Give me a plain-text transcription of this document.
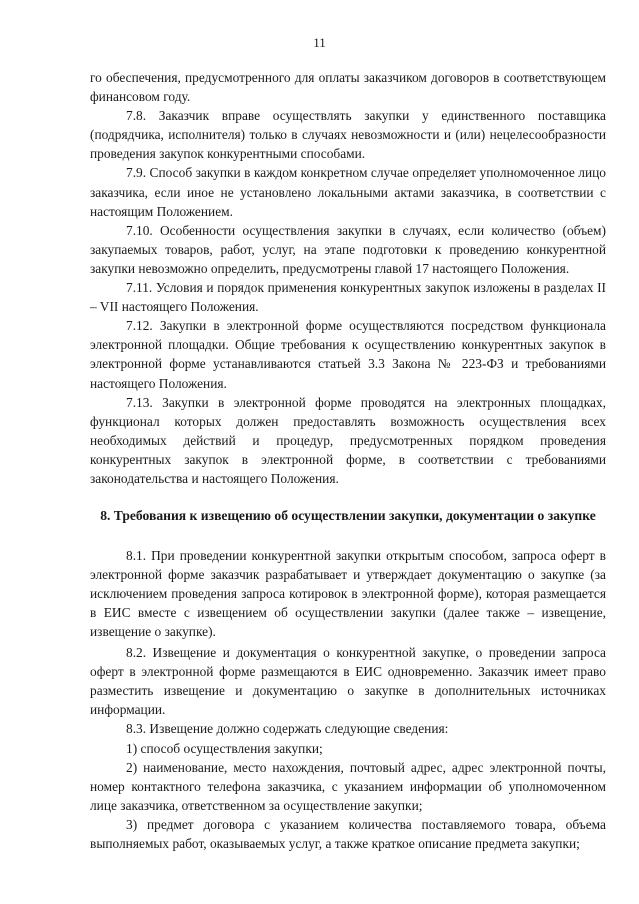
11

го обеспечения, предусмотренного для оплаты заказчиком договоров в соответствующем финансовом году.

7.8. Заказчик вправе осуществлять закупки у единственного поставщика (подрядчика, исполнителя) только в случаях невозможности и (или) нецелесообразности проведения закупок конкурентными способами.

7.9. Способ закупки в каждом конкретном случае определяет уполномоченное лицо заказчика, если иное не установлено локальными актами заказчика, в соответствии с настоящим Положением.

7.10. Особенности осуществления закупки в случаях, если количество (объем) закупаемых товаров, работ, услуг, на этапе подготовки к проведению конкурентной закупки невозможно определить, предусмотрены главой 17 настоящего Положения.

7.11. Условия и порядок применения конкурентных закупок изложены в разделах II – VII настоящего Положения.

7.12. Закупки в электронной форме осуществляются посредством функционала электронной площадки. Общие требования к осуществлению конкурентных закупок в электронной форме устанавливаются статьей 3.3 Закона № 223-ФЗ и требованиями настоящего Положения.

7.13. Закупки в электронной форме проводятся на электронных площадках, функционал которых должен предоставлять возможность осуществления всех необходимых действий и процедур, предусмотренных порядком проведения конкурентных закупок в электронной форме, в соответствии с требованиями законодательства и настоящего Положения.

8. Требования к извещению об осуществлении закупки, документации о закупке

8.1. При проведении конкурентной закупки открытым способом, запроса оферт в электронной форме заказчик разрабатывает и утверждает документацию о закупке (за исключением проведения запроса котировок в электронной форме), которая размещается в ЕИС вместе с извещением об осуществлении закупки (далее также – извещение, извещение о закупке).

8.2. Извещение и документация о конкурентной закупке, о проведении запроса оферт в электронной форме размещаются в ЕИС одновременно. Заказчик имеет право разместить извещение и документацию о закупке в дополнительных источниках информации.

8.3. Извещение должно содержать следующие сведения:

1) способ осуществления закупки;

2) наименование, место нахождения, почтовый адрес, адрес электронной почты, номер контактного телефона заказчика, с указанием информации об уполномоченном лице заказчика, ответственном за осуществление закупки;

3) предмет договора с указанием количества поставляемого товара, объема выполняемых работ, оказываемых услуг, а также краткое описание предмета закупки;
